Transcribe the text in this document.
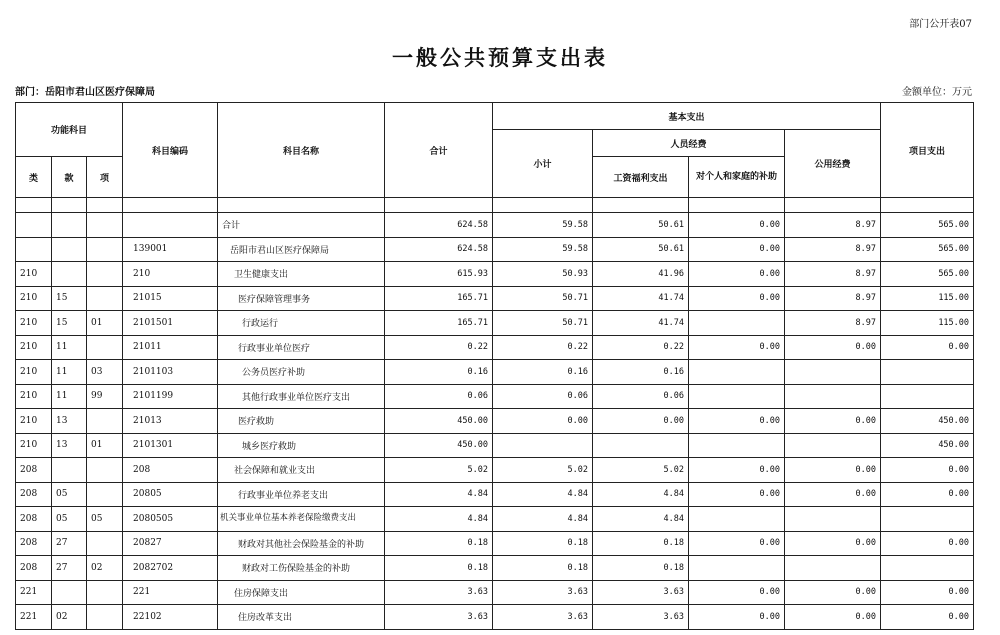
部门公开表07
一般公共预算支出表
部门：岳阳市君山区医疗保障局	金额单位：万元
功能科目			科目编码	科目名称	合计	基本支出				项目支出
						小计	人员经费		公用经费	
类	款	项					工资福利支出	对个人和家庭的补助		

				合计	624.58	59.58	50.61	0.00	8.97	565.00
			139001	岳阳市君山区医疗保障局	624.58	59.58	50.61	0.00	8.97	565.00
210			210	卫生健康支出	615.93	50.93	41.96	0.00	8.97	565.00
210	15		21015	医疗保障管理事务	165.71	50.71	41.74	0.00	8.97	115.00
210	15	01	2101501	行政运行	165.71	50.71	41.74		8.97	115.00
210	11		21011	行政事业单位医疗	0.22	0.22	0.22	0.00	0.00	0.00
210	11	03	2101103	公务员医疗补助	0.16	0.16	0.16			
210	11	99	2101199	其他行政事业单位医疗支出	0.06	0.06	0.06			
210	13		21013	医疗救助	450.00	0.00	0.00	0.00	0.00	450.00
210	13	01	2101301	城乡医疗救助	450.00					450.00
208			208	社会保障和就业支出	5.02	5.02	5.02	0.00	0.00	0.00
208	05		20805	行政事业单位养老支出	4.84	4.84	4.84	0.00	0.00	0.00
208	05	05	2080505	机关事业单位基本养老保险缴费支出	4.84	4.84	4.84			
208	27		20827	财政对其他社会保险基金的补助	0.18	0.18	0.18	0.00	0.00	0.00
208	27	02	2082702	财政对工伤保险基金的补助	0.18	0.18	0.18			
221			221	住房保障支出	3.63	3.63	3.63	0.00	0.00	0.00
221	02		22102	住房改革支出	3.63	3.63	3.63	0.00	0.00	0.00
